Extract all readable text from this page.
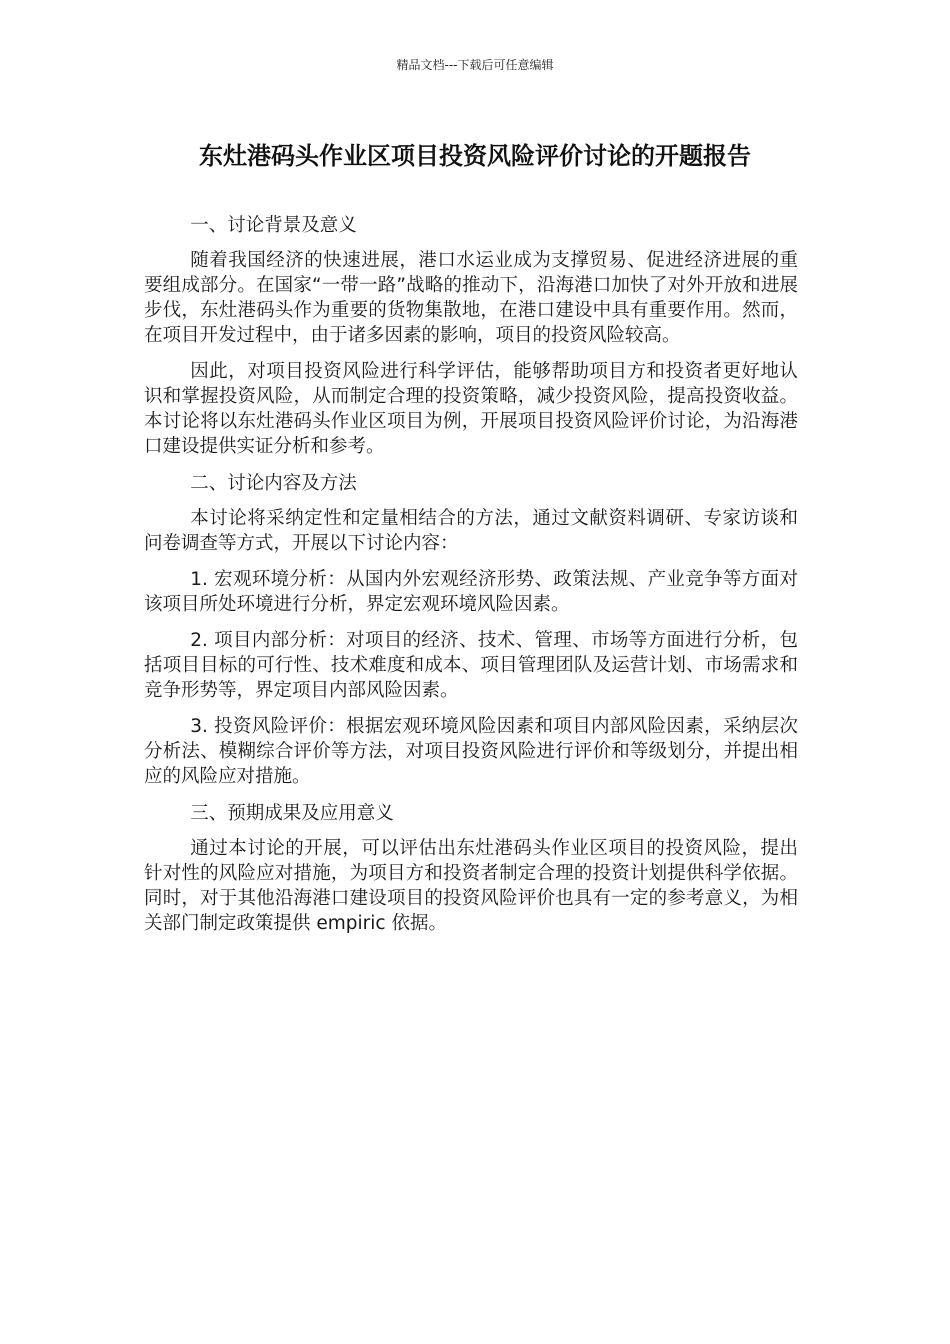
精品文档---下载后可任意编辑
东灶港码头作业区项目投资风险评价讨论的开题报告

一、讨论背景及意义

随着我国经济的快速进展，港口水运业成为支撑贸易、促进经济进展的重要组成部分。在国家“一带一路”战略的推动下，沿海港口加快了对外开放和进展步伐，东灶港码头作为重要的货物集散地，在港口建设中具有重要作用。然而，在项目开发过程中，由于诸多因素的影响，项目的投资风险较高。

因此，对项目投资风险进行科学评估，能够帮助项目方和投资者更好地认识和掌握投资风险，从而制定合理的投资策略，减少投资风险，提高投资收益。本讨论将以东灶港码头作业区项目为例，开展项目投资风险评价讨论，为沿海港口建设提供实证分析和参考。

二、讨论内容及方法

本讨论将采纳定性和定量相结合的方法，通过文献资料调研、专家访谈和问卷调查等方式，开展以下讨论内容：

1. 宏观环境分析：从国内外宏观经济形势、政策法规、产业竞争等方面对该项目所处环境进行分析，界定宏观环境风险因素。

2. 项目内部分析：对项目的经济、技术、管理、市场等方面进行分析，包括项目目标的可行性、技术难度和成本、项目管理团队及运营计划、市场需求和竞争形势等，界定项目内部风险因素。

3. 投资风险评价：根据宏观环境风险因素和项目内部风险因素，采纳层次分析法、模糊综合评价等方法，对项目投资风险进行评价和等级划分，并提出相应的风险应对措施。

三、预期成果及应用意义

通过本讨论的开展，可以评估出东灶港码头作业区项目的投资风险，提出针对性的风险应对措施，为项目方和投资者制定合理的投资计划提供科学依据。同时，对于其他沿海港口建设项目的投资风险评价也具有一定的参考意义，为相关部门制定政策提供 empiric 依据。
